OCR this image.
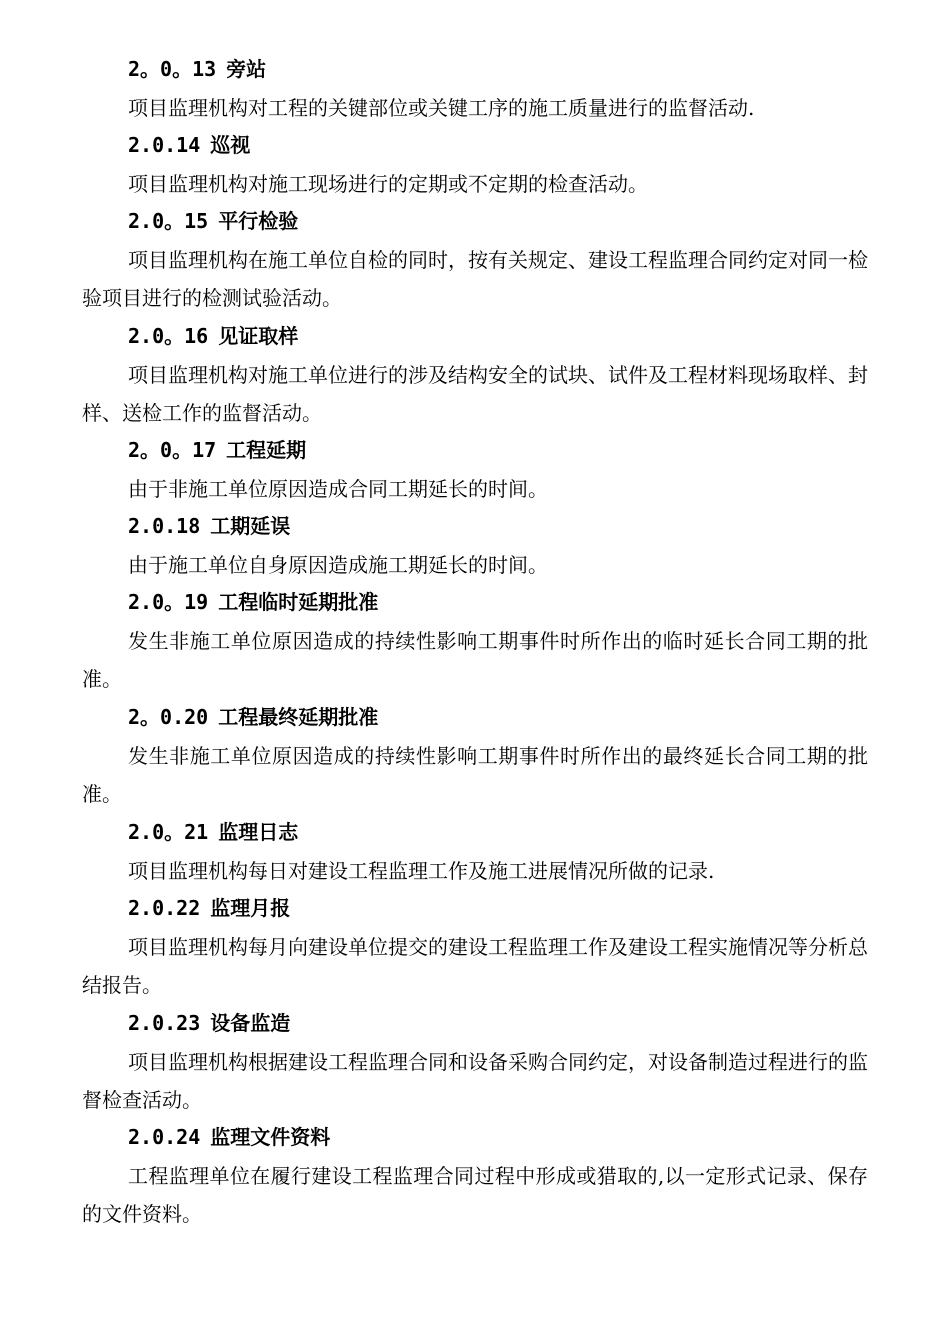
2。0。13 旁站

项目监理机构对工程的关键部位或关键工序的施工质量进行的监督活动.

2.0.14 巡视

项目监理机构对施工现场进行的定期或不定期的检查活动。

2.0。15 平行检验

项目监理机构在施工单位自检的同时，按有关规定、建设工程监理合同约定对同一检验项目进行的检测试验活动。

2.0。16 见证取样

项目监理机构对施工单位进行的涉及结构安全的试块、试件及工程材料现场取样、封样、送检工作的监督活动。

2。0。17 工程延期

由于非施工单位原因造成合同工期延长的时间。

2.0.18 工期延误

由于施工单位自身原因造成施工期延长的时间。

2.0。19 工程临时延期批准

发生非施工单位原因造成的持续性影响工期事件时所作出的临时延长合同工期的批准。

2。0.20 工程最终延期批准

发生非施工单位原因造成的持续性影响工期事件时所作出的最终延长合同工期的批准。

2.0。21 监理日志

项目监理机构每日对建设工程监理工作及施工进展情况所做的记录.

2.0.22 监理月报

项目监理机构每月向建设单位提交的建设工程监理工作及建设工程实施情况等分析总结报告。

2.0.23 设备监造

项目监理机构根据建设工程监理合同和设备采购合同约定，对设备制造过程进行的监督检查活动。

2.0.24 监理文件资料

工程监理单位在履行建设工程监理合同过程中形成或猎取的,以一定形式记录、保存的文件资料。
